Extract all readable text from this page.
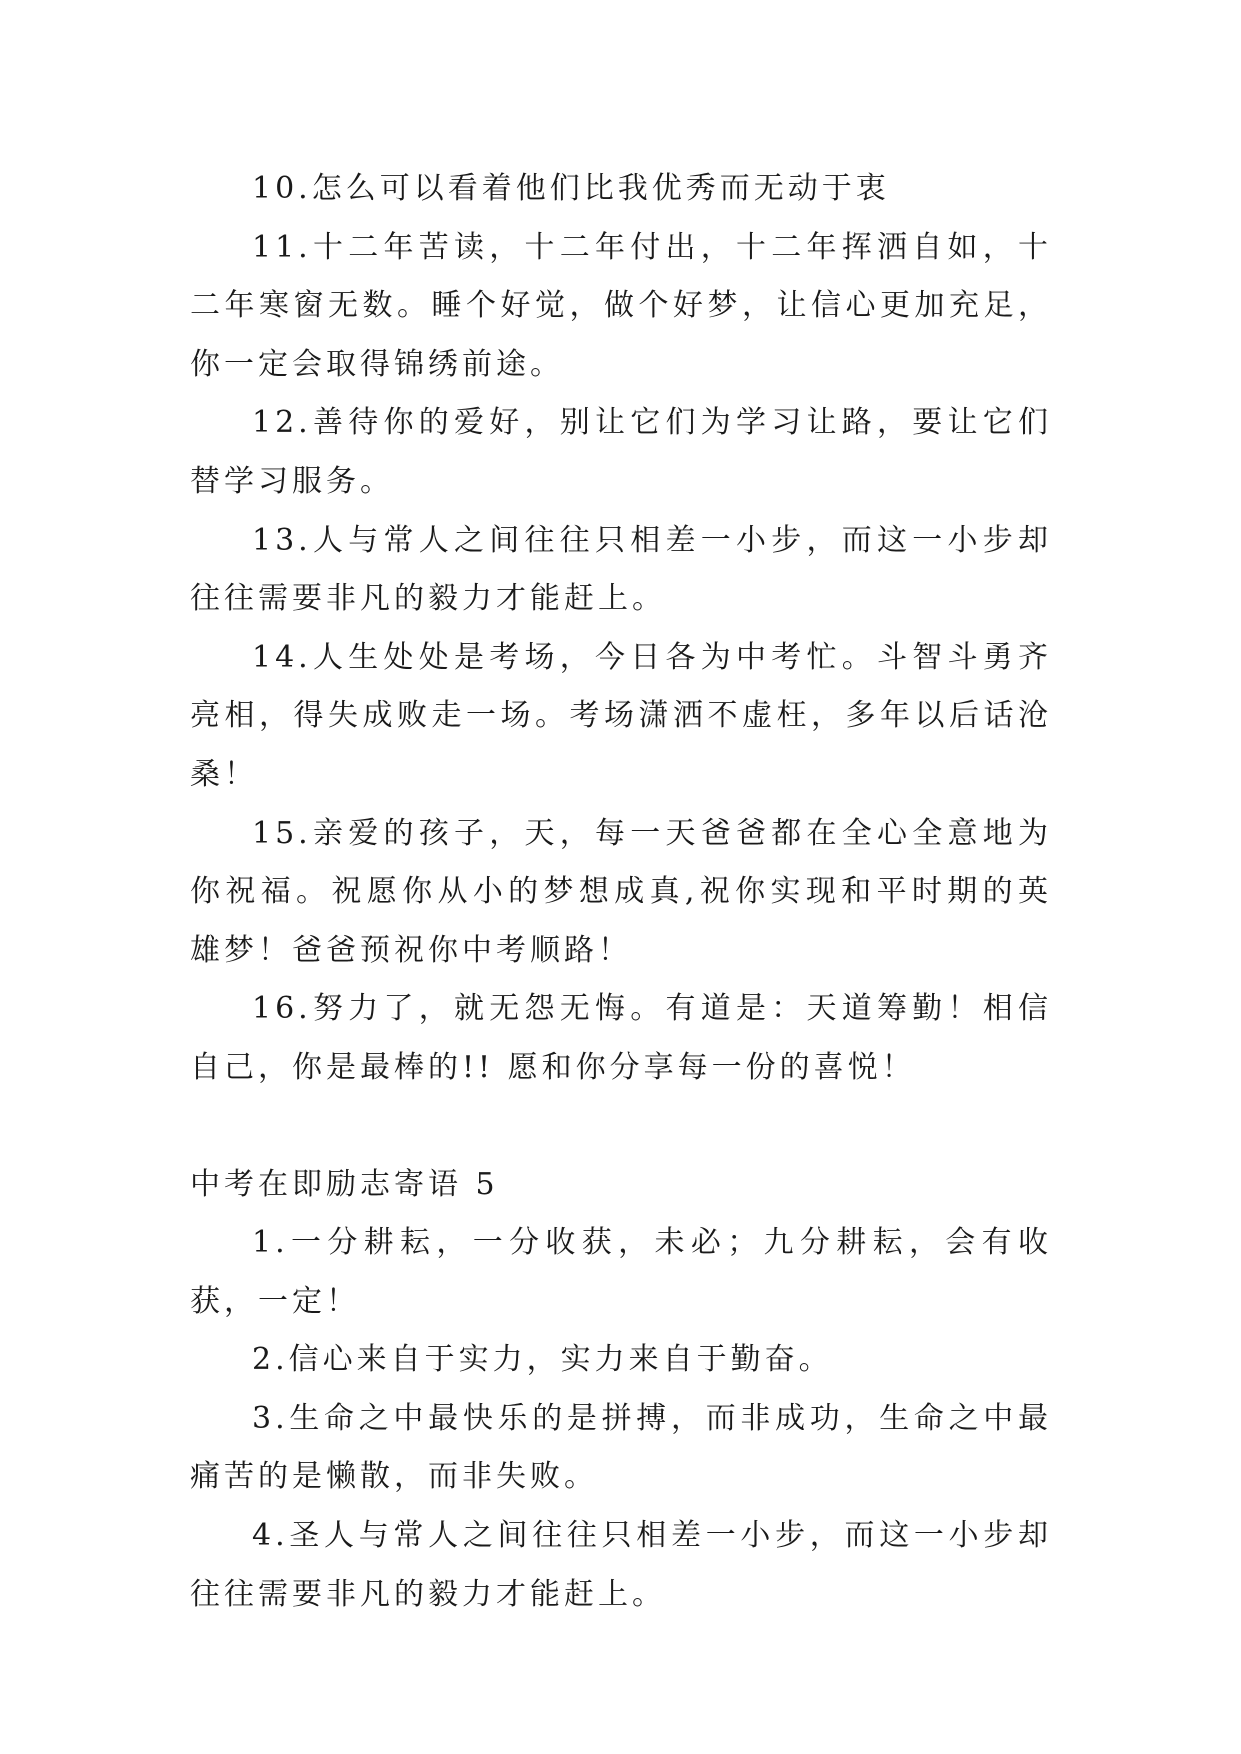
10.怎么可以看着他们比我优秀而无动于衷

11.十二年苦读，十二年付出，十二年挥洒自如，十二年寒窗无数。睡个好觉，做个好梦，让信心更加充足，你一定会取得锦绣前途。

12.善待你的爱好，别让它们为学习让路，要让它们替学习服务。

13.人与常人之间往往只相差一小步，而这一小步却往往需要非凡的毅力才能赶上。

14.人生处处是考场，今日各为中考忙。斗智斗勇齐亮相，得失成败走一场。考场潇洒不虚枉，多年以后话沧桑！

15.亲爱的孩子，天，每一天爸爸都在全心全意地为你祝福。祝愿你从小的梦想成真,祝你实现和平时期的英雄梦！爸爸预祝你中考顺路！

16.努力了，就无怨无悔。有道是：天道筹勤！相信自己，你是最棒的!! 愿和你分享每一份的喜悦！

中考在即励志寄语 5

1.一分耕耘，一分收获，未必；九分耕耘，会有收获，一定！

2.信心来自于实力，实力来自于勤奋。

3.生命之中最快乐的是拼搏，而非成功，生命之中最痛苦的是懒散，而非失败。

4.圣人与常人之间往往只相差一小步，而这一小步却往往需要非凡的毅力才能赶上。
